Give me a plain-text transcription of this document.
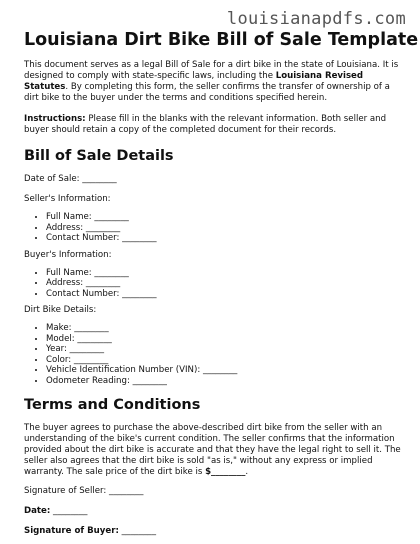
louisianapdfs.com
Louisiana Dirt Bike Bill of Sale Template

This document serves as a legal Bill of Sale for a dirt bike in the state of Louisiana. It is designed to comply with state-specific laws, including the Louisiana Revised Statutes. By completing this form, the seller confirms the transfer of ownership of a dirt bike to the buyer under the terms and conditions specified herein.

Instructions: Please fill in the blanks with the relevant information. Both seller and buyer should retain a copy of the completed document for their records.

Bill of Sale Details
Date of Sale: ________
Seller's Information:
• Full Name: ________
• Address: ________
• Contact Number: ________
Buyer's Information:
• Full Name: ________
• Address: ________
• Contact Number: ________
Dirt Bike Details:
• Make: ________
• Model: ________
• Year: ________
• Color: ________
• Vehicle Identification Number (VIN): ________
• Odometer Reading: ________
Terms and Conditions

The buyer agrees to purchase the above-described dirt bike from the seller with an understanding of the bike's current condition. The seller confirms that the information provided about the dirt bike is accurate and that they have the legal right to sell it. The seller also agrees that the dirt bike is sold "as is," without any express or implied warranty. The sale price of the dirt bike is $________.

Signature of Seller: ________
Date: ________
Signature of Buyer: ________
